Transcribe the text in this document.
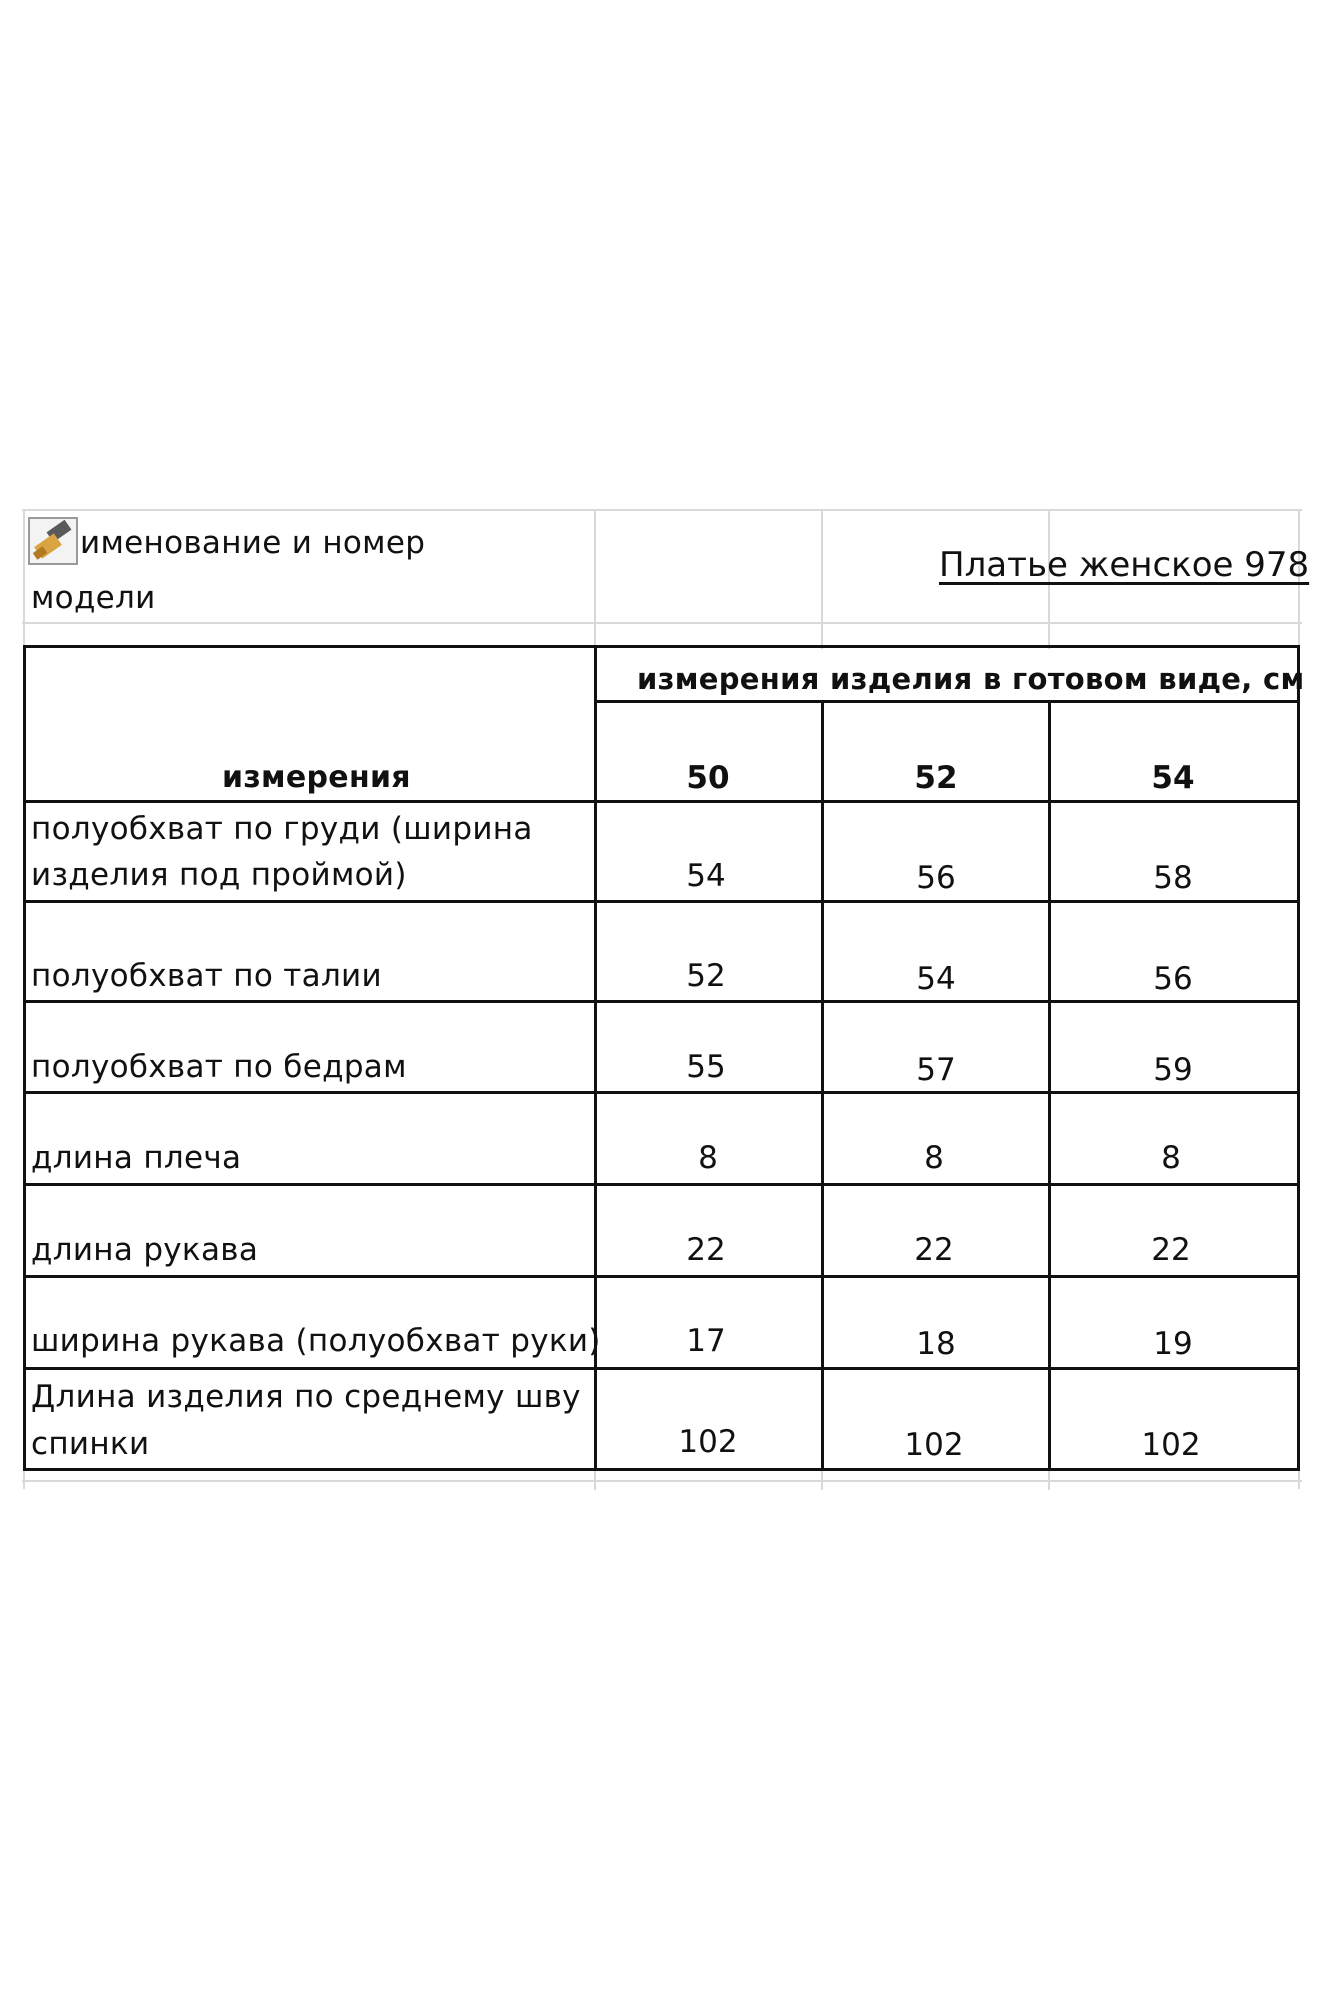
именование и номер
модели
Платье женское 978
измерения изделия в готовом виде, см
измерения	50	52	54
полуобхват по груди (ширина
изделия под проймой)	54	56	58
полуобхват по талии	52	54	56
полуобхват по бедрам	55	57	59
длина плеча	8	8	8
длина рукава	22	22	22
ширина рукава (полуобхват руки)	17	18	19
Длина изделия по среднему шву
спинки	102	102	102
